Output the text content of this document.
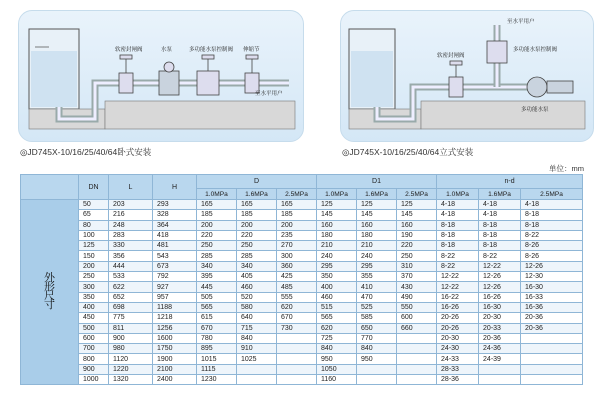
软密封闸阀	水泵	多功能水泵控制阀 伸缩节
至水平用户
至水平用户
多功能水泵控制阀
软密封闸阀
多功能水泵
◎JD745X-10/16/25/40/64卧式安装	◎JD745X-10/16/25/40/64立式安装
单位：mm
	DN	L	H	D			D1			n-d		
				1.0MPa	1.6MPa	2.5MPa	1.0MPa	1.6MPa	2.5MPa	1.0MPa	1.6MPa	2.5MPa

外
形
尺
寸	50	203	293	165	165	165	125	125	125	4-18	4-18	4-18
	65	216	328	185	185	185	145	145	145	4-18	4-18	8-18
	80	248	364	200	200	200	160	160	160	8-18	8-18	8-18
	100	283	418	220	220	235	180	180	190	8-18	8-18	8-22
	125	330	481	250	250	270	210	210	220	8-18	8-18	8-26
	150	356	543	285	285	300	240	240	250	8-22	8-22	8-26
	200	444	673	340	340	360	295	295	310	8-22	12-22	12-26
	250	533	792	395	405	425	350	355	370	12-22	12-26	12-30
	300	622	927	445	460	485	400	410	430	12-22	12-26	16-30
	350	652	957	505	520	555	460	470	490	16-22	16-26	16-33
	400	698	1188	565	580	620	515	525	550	16-26	16-30	16-36
	450	775	1218	615	640	670	565	585	600	20-26	20-30	20-36
	500	811	1256	670	715	730	620	650	660	20-26	20-33	20-36
	600	900	1600	780	840		725	770		20-30	20-36	
	700	980	1750	895	910		840	840		24-30	24-36	
	800	1120	1900	1015	1025		950	950		24-33	24-39	
	900	1220	2100	1115			1050			28-33		
	1000	1320	2400	1230			1160			28-36		
